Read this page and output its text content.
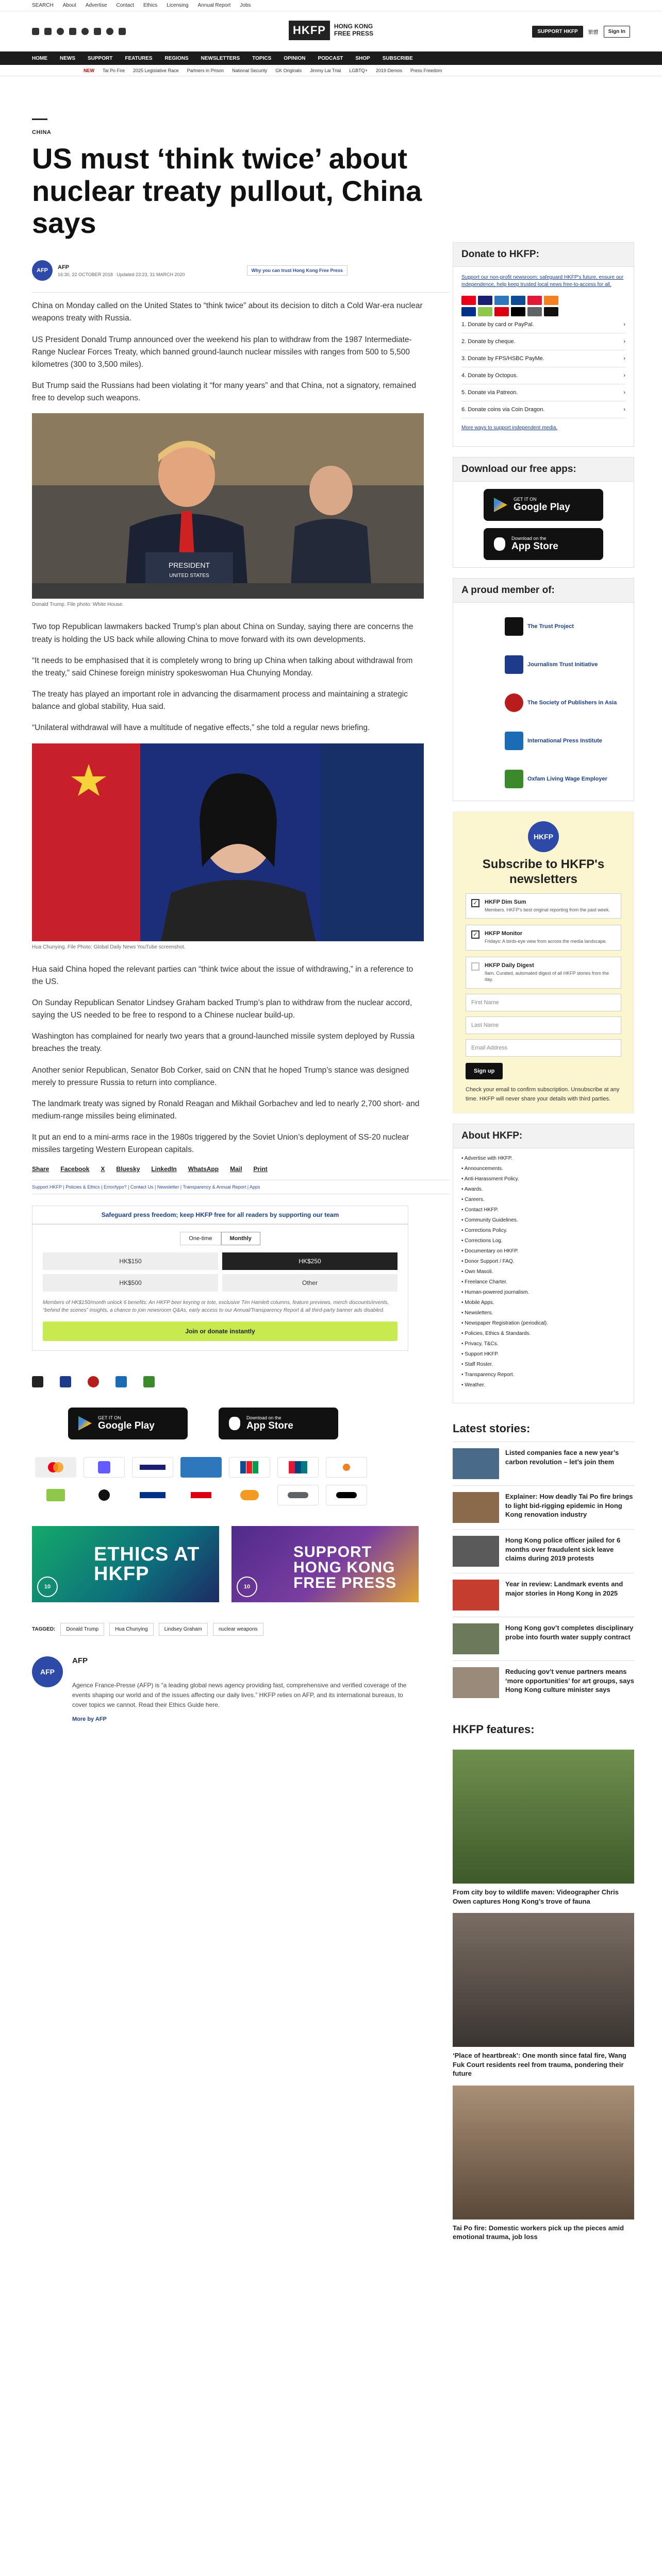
SEARCH About Advertise Contact Ethics Licensing Annual Report Jobs
HKFP	HONG KONG
FREE PRESS	SUPPORT HKFP	繁體	Sign In
HOME NEWS SUPPORT FEATURES REGIONS NEWSLETTERS TOPICS OPINION PODCAST SHOP SUBSCRIBE
NEW Tai Po Fire 2025 Legislative Race Partners in Prison National Security GK Originals Jimmy Lai Trial LGBTQ+ 2019 Demos Press Freedom
CHINA
US must ‘think twice’ about nuclear treaty pullout, China says
AFP
AFP
16:30, 22 OCTOBER 2018 Updated 23:23, 31 MARCH 2020
Why you can trust Hong Kong Free Press

China on Monday called on the United States to “think twice” about its decision to ditch a Cold War-era nuclear weapons treaty with Russia.

US President Donald Trump announced over the weekend his plan to withdraw from the 1987 Intermediate-Range Nuclear Forces Treaty, which banned ground-launch nuclear missiles with ranges from 500 to 5,500 kilometres (300 to 3,500 miles).

But Trump said the Russians had been violating it “for many years” and that China, not a signatory, remained free to develop such weapons.

PRESIDENT
UNITED STATES
Donald Trump. File photo: White House.

Two top Republican lawmakers backed Trump’s plan about China on Sunday, saying there are concerns the treaty is holding the US back while allowing China to move forward with its own developments.

“It needs to be emphasised that it is completely wrong to bring up China when talking about withdrawal from the treaty,” said Chinese foreign ministry spokeswoman Hua Chunying Monday.

The treaty has played an important role in advancing the disarmament process and maintaining a strategic balance and global stability, Hua said.

“Unilateral withdrawal will have a multitude of negative effects,” she told a regular news briefing.

Hua Chunying. File Photo: Global Daily News YouTube screenshot.

Hua said China hoped the relevant parties can “think twice about the issue of withdrawing,” in a reference to the US.

On Sunday Republican Senator Lindsey Graham backed Trump’s plan to withdraw from the nuclear accord, saying the US needed to be free to respond to a Chinese nuclear build-up.

Washington has complained for nearly two years that a ground-launched missile system deployed by Russia breaches the treaty.

Another senior Republican, Senator Bob Corker, said on CNN that he hoped Trump’s stance was designed merely to pressure Russia to return into compliance.

The landmark treaty was signed by Ronald Reagan and Mikhail Gorbachev and led to nearly 2,700 short- and medium-range missiles being eliminated.

It put an end to a mini-arms race in the 1980s triggered by the Soviet Union’s deployment of SS-20 nuclear missiles targeting Western European capitals.

Share Facebook X Bluesky LinkedIn WhatsApp Mail Print
Support HKFP | Policies & Ethics | Error/typo? | Contact Us | Newsletter | Transparency & Annual Report | Apps
Safeguard press freedom; keep HKFP free for all readers by supporting our team
One-time	Monthly
HK$150	HK$250
HK$500	Other
Members of HK$150/month unlock 6 benefits: An HKFP beer keyring or tote, exclusive Tim Hamlett columns, feature previews, merch discounts/events, “behind the scenes” insights, a chance to join newsroom Q&As, early access to our Annual/Transparency Report & all third-party banner ads disabled.
Join or donate instantly
GET IT ON
Google Play
Download on the
App Store
ETHICS AT HKFP
10
SUPPORT HONG KONG FREE PRESS
10
TAGGED:	Donald Trump	Hua Chunying	Lindsey Graham	nuclear weapons
AFP
AFP
Agence France-Presse (AFP) is “a leading global news agency providing fast, comprehensive and verified coverage of the events shaping our world and of the issues affecting our daily lives.” HKFP relies on AFP, and its international bureaus, to cover topics we cannot. Read their Ethics Guide here.
More by AFP
Donate to HKFP:
Support our non-profit newsroom: safeguard HKFP's future, ensure our independence, help keep trusted local news free-to-access for all.
1. Donate by card or PayPal.	›
2. Donate by cheque.	›
3. Donate by FPS/HSBC PayMe.	›
4. Donate by Octopus.	›
5. Donate via Patreon.	›
6. Donate coins via Coin Dragon.	›
More ways to support independent media.
Download our free apps:
GET IT ON
Google Play
Download on the
App Store
A proud member of:
The Trust Project
Journalism Trust Initiative
The Society of Publishers in Asia
International Press Institute
Oxfam Living Wage Employer
HKFP
Subscribe to HKFP's newsletters
✓	HKFP Dim Sum
Members. HKFP's best original reporting from the past week.
✓	HKFP Monitor
Fridays: A birds-eye view from across the media landscape.
HKFP Daily Digest
9am. Curated, automated digest of all HKFP stories from the day.
First Name
Last Name
Email Address
Sign up
Check your email to confirm subscription. Unsubscribe at any time. HKFP will never share your details with third parties.
About HKFP:
• Advertise with HKFP.
• Announcements.
• Anti-Harassment Policy.
• Awards.
• Careers.
• Contact HKFP.
• Community Guidelines.
• Corrections Policy.
• Corrections Log.
• Documentary on HKFP.
• Donor Support / FAQ.
• Own Masoli.
• Freelance Charter.
• Human-powered journalism.
• Mobile Apps.
• Newsletters.
• Newspaper Registration (periodical).
• Policies, Ethics & Standards.
• Privacy, T&Cs.
• Support HKFP.
• Staff Roster.
• Transparency Report.
• Weather.
Latest stories:
Listed companies face a new year’s carbon revolution – let’s join them
Explainer: How deadly Tai Po fire brings to light bid-rigging epidemic in Hong Kong renovation industry
Hong Kong police officer jailed for 6 months over fraudulent sick leave claims during 2019 protests
Year in review: Landmark events and major stories in Hong Kong in 2025
Hong Kong gov’t completes disciplinary probe into fourth water supply contract
Reducing gov’t venue partners means ‘more opportunities’ for art groups, says Hong Kong culture minister says
HKFP features:
From city boy to wildlife maven: Videographer Chris Owen captures Hong Kong’s trove of fauna
‘Place of heartbreak’: One month since fatal fire, Wang Fuk Court residents reel from trauma, pondering their future
Tai Po fire: Domestic workers pick up the pieces amid emotional trauma, job loss
